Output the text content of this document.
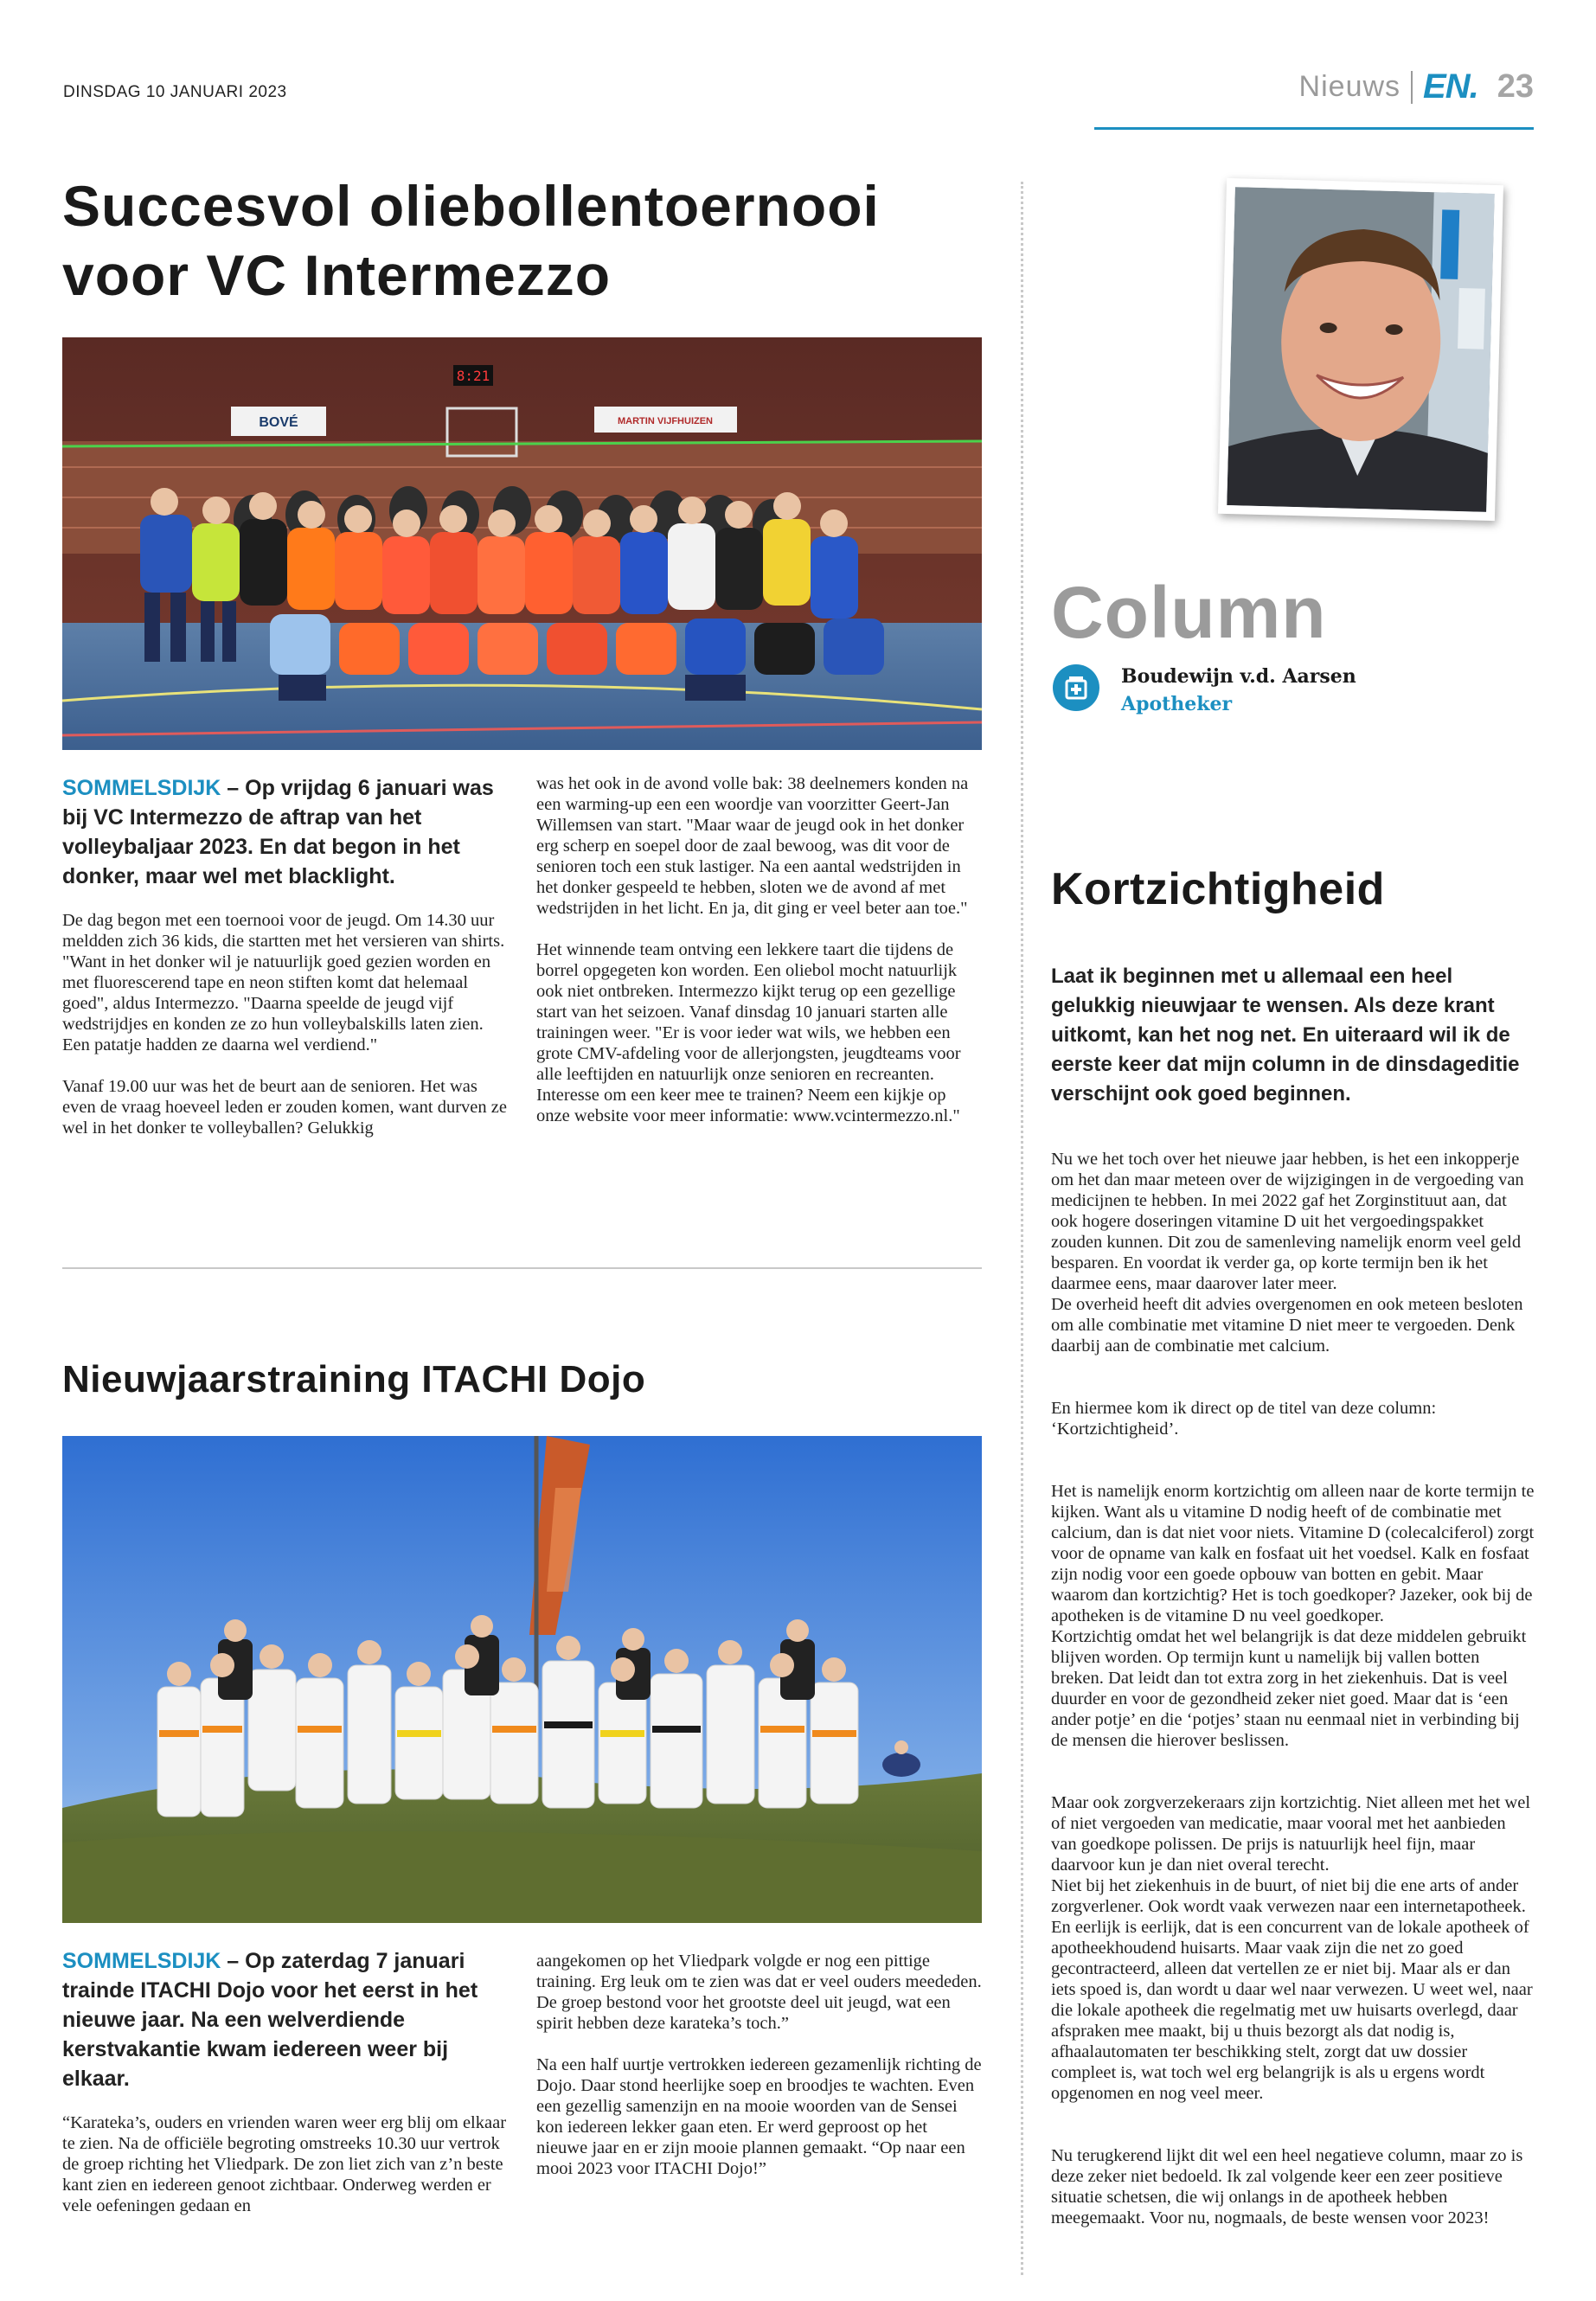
DINSDAG 10 JANUARI 2023	Nieuws EN. 23
Succesvol oliebollentoernooi voor VC Intermezzo
8:21
BOVÉ	MARTIN VIJFHUIZEN
SOMMELSDIJK – Op vrijdag 6 januari was bij VC Intermezzo de aftrap van het volleybaljaar 2023. En dat begon in het donker, maar wel met blacklight.

De dag begon met een toernooi voor de jeugd. Om 14.30 uur meldden zich 36 kids, die startten met het versieren van shirts. "Want in het donker wil je natuurlijk goed gezien worden en met fluorescerend tape en neon stiften komt dat helemaal goed", aldus Intermezzo. "Daarna speelde de jeugd vijf wedstrijdjes en konden ze zo hun volleybalskills laten zien. Een patatje hadden ze daarna wel verdiend."

Vanaf 19.00 uur was het de beurt aan de senioren. Het was even de vraag hoeveel leden er zouden komen, want durven ze wel in het donker te volleyballen? Gelukkig

was het ook in de avond volle bak: 38 deelnemers konden na een warming-up een een woordje van voorzitter Geert-Jan Willemsen van start. "Maar waar de jeugd ook in het donker erg scherp en soepel door de zaal bewoog, was dit voor de senioren toch een stuk lastiger. Na een aantal wedstrijden in het donker gespeeld te hebben, sloten we de avond af met wedstrijden in het licht. En ja, dit ging er veel beter aan toe."

Het winnende team ontving een lekkere taart die tijdens de borrel opgegeten kon worden. Een oliebol mocht natuurlijk ook niet ontbreken. Intermezzo kijkt terug op een gezellige start van het seizoen. Vanaf dinsdag 10 januari starten alle trainingen weer. "Er is voor ieder wat wils, we hebben een grote CMV-afdeling voor de allerjongsten, jeugdteams voor alle leeftijden en natuurlijk onze senioren en recreanten. Interesse om een keer mee te trainen? Neem een kijkje op onze website voor meer informatie: www.vcintermezzo.nl."

Nieuwjaarstraining ITACHI Dojo
SOMMELSDIJK – Op zaterdag 7 januari trainde ITACHI Dojo voor het eerst in het nieuwe jaar. Na een welverdiende kerstvakantie kwam iedereen weer bij elkaar.

“Karateka’s, ouders en vrienden waren weer erg blij om elkaar te zien. Na de officiële begroting omstreeks 10.30 uur vertrok de groep richting het Vliedpark. De zon liet zich van z’n beste kant zien en iedereen genoot zichtbaar. Onderweg werden er vele oefeningen gedaan en

aangekomen op het Vliedpark volgde er nog een pittige training. Erg leuk om te zien was dat er veel ouders meededen. De groep bestond voor het grootste deel uit jeugd, wat een spirit hebben deze karateka’s toch.”

Na een half uurtje vertrokken iedereen gezamenlijk richting de Dojo. Daar stond heerlijke soep en broodjes te wachten. Even een gezellig samenzijn en na mooie woorden van de Sensei kon iedereen lekker gaan eten. Er werd geproost op het nieuwe jaar en er zijn mooie plannen gemaakt. “Op naar een mooi 2023 voor ITACHI Dojo!”

Column
Boudewijn v.d. Aarsen
Apotheker
Kortzichtigheid

Laat ik beginnen met u allemaal een heel gelukkig nieuwjaar te wensen. Als deze krant uitkomt, kan het nog net. En uiteraard wil ik de eerste keer dat mijn column in de dinsdageditie verschijnt ook goed beginnen.

Nu we het toch over het nieuwe jaar hebben, is het een inkopperje om het dan maar meteen over de wijzigingen in de vergoeding van medicijnen te hebben. In mei 2022 gaf het Zorginstituut aan, dat ook hogere doseringen vitamine D uit het vergoedingspakket zouden kunnen. Dit zou de samenleving namelijk enorm veel geld besparen. En voordat ik verder ga, op korte termijn ben ik het daarmee eens, maar daarover later meer.
De overheid heeft dit advies overgenomen en ook meteen besloten om alle combinatie met vitamine D niet meer te vergoeden. Denk daarbij aan de combinatie met calcium.

En hiermee kom ik direct op de titel van deze column: ‘Kortzichtigheid’.

Het is namelijk enorm kortzichtig om alleen naar de korte termijn te kijken. Want als u vitamine D nodig heeft of de combinatie met calcium, dan is dat niet voor niets. Vitamine D (colecalciferol) zorgt voor de opname van kalk en fosfaat uit het voedsel. Kalk en fosfaat zijn nodig voor een goede opbouw van botten en gebit. Maar waarom dan kortzichtig? Het is toch goedkoper? Jazeker, ook bij de apotheken is de vitamine D nu veel goedkoper.
Kortzichtig omdat het wel belangrijk is dat deze middelen gebruikt blijven worden. Op termijn kunt u namelijk bij vallen botten breken. Dat leidt dan tot extra zorg in het ziekenhuis. Dat is veel duurder en voor de gezondheid zeker niet goed. Maar dat is ‘een ander potje’ en die ‘potjes’ staan nu eenmaal niet in verbinding bij de mensen die hierover beslissen.

Maar ook zorgverzekeraars zijn kortzichtig. Niet alleen met het wel of niet vergoeden van medicatie, maar vooral met het aanbieden van goedkope polissen. De prijs is natuurlijk heel fijn, maar daarvoor kun je dan niet overal terecht.
Niet bij het ziekenhuis in de buurt, of niet bij die ene arts of ander zorgverlener. Ook wordt vaak verwezen naar een internetapotheek. En eerlijk is eerlijk, dat is een concurrent van de lokale apotheek of apotheekhoudend huisarts. Maar vaak zijn die net zo goed gecontracteerd, alleen dat vertellen ze er niet bij. Maar als er dan iets spoed is, dan wordt u daar wel naar verwezen. U weet wel, naar die lokale apotheek die regelmatig met uw huisarts overlegd, daar afspraken mee maakt, bij u thuis bezorgt als dat nodig is, afhaalautomaten ter beschikking stelt, zorgt dat uw dossier compleet is, wat toch wel erg belangrijk is als u ergens wordt opgenomen en nog veel meer.

Nu terugkerend lijkt dit wel een heel negatieve column, maar zo is deze zeker niet bedoeld. Ik zal volgende keer een zeer positieve situatie schetsen, die wij onlangs in de apotheek hebben meegemaakt. Voor nu, nogmaals, de beste wensen voor 2023!
